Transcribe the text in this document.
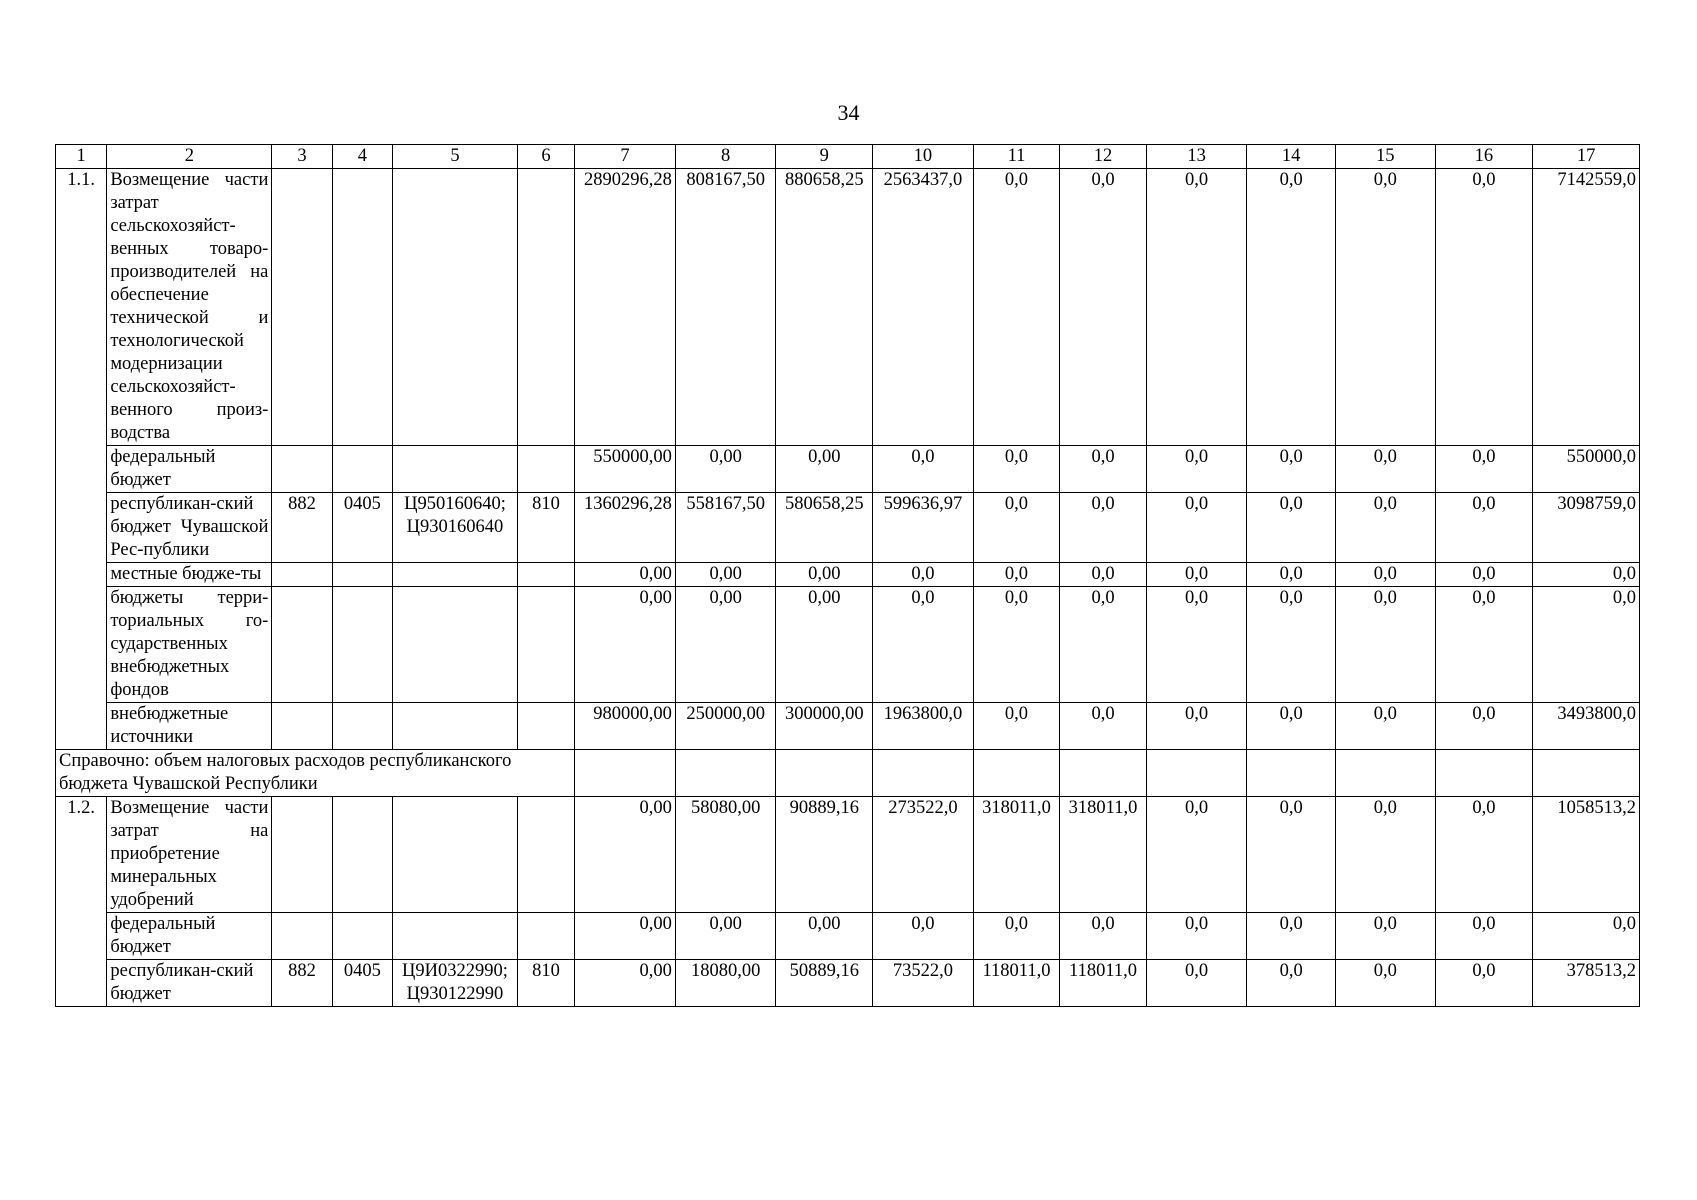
34
1	2	3	4	5	6	7	8	9	10	11	12	13	14	15	16	17
1.1.	Возмещение части затрат сельскохозяйст-венных товаро-производителей на обеспечение технической и технологической модернизации сельскохозяйст-венного произ-водства					2890296,28	808167,50	880658,25	2563437,0	0,0	0,0	0,0	0,0	0,0	0,0	7142559,0
	федеральный бюджет					550000,00	0,00	0,00	0,0	0,0	0,0	0,0	0,0	0,0	0,0	550000,0
	республикан-ский бюджет Чувашской Рес-публики	882	0405	Ц950160640; Ц930160640	810	1360296,28	558167,50	580658,25	599636,97	0,0	0,0	0,0	0,0	0,0	0,0	3098759,0
	местные бюдже-ты					0,00	0,00	0,00	0,0	0,0	0,0	0,0	0,0	0,0	0,0	0,0
	бюджеты терри-ториальных го-сударственных внебюджетных фондов					0,00	0,00	0,00	0,0	0,0	0,0	0,0	0,0	0,0	0,0	0,0
	внебюджетные источники					980000,00	250000,00	300000,00	1963800,0	0,0	0,0	0,0	0,0	0,0	0,0	3493800,0
Справочно: объем налоговых расходов республиканского бюджета Чувашской Республики																
1.2.	Возмещение части затрат на приобретение минеральных удобрений					0,00	58080,00	90889,16	273522,0	318011,0	318011,0	0,0	0,0	0,0	0,0	1058513,2
	федеральный бюджет					0,00	0,00	0,00	0,0	0,0	0,0	0,0	0,0	0,0	0,0	0,0
	республикан-ский бюджет	882	0405	Ц9И0322990; Ц930122990	810	0,00	18080,00	50889,16	73522,0	118011,0	118011,0	0,0	0,0	0,0	0,0	378513,2
